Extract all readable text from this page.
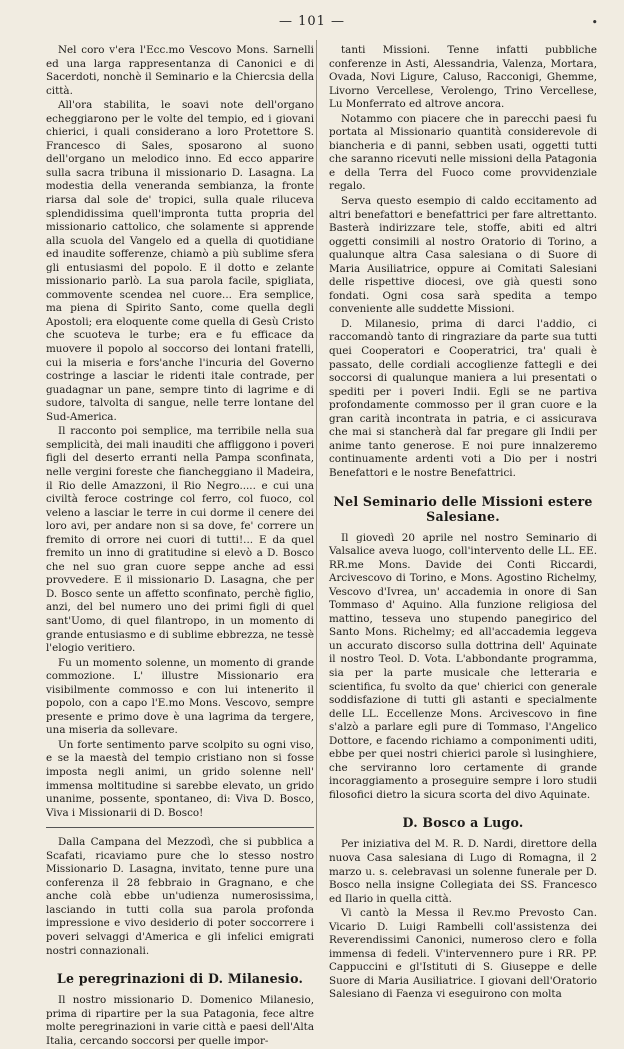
— 101 —	•

Nel coro v'era l'Ecc.mo Vescovo Mons. Sarnelli ed una larga rappresentanza di Canonici e di Sacerdoti, nonchè il Seminario e la Chiercsia della città.

All'ora stabilita, le soavi note dell'organo echeggiarono per le volte del tempio, ed i giovani chierici, i quali considerano a loro Protettore S. Francesco di Sales, sposarono al suono dell'organo un melodico inno. Ed ecco apparire sulla sacra tribuna il missionario D. Lasagna. La modestia della veneranda sembianza, la fronte riarsa dal sole de' tropici, sulla quale riluceva splendidissima quell'impronta tutta propria del missionario cattolico, che solamente si apprende alla scuola del Vangelo ed a quella di quotidiane ed inaudite sofferenze, chiamò a più sublime sfera gli entusiasmi del popolo. E il dotto e zelante missionario parlò. La sua parola facile, spigliata, commovente scendea nel cuore... Era semplice, ma piena di Spirito Santo, come quella degli Apostoli; era eloquente come quella di Gesù Cristo che scuoteva le turbe; era e fu efficace da muovere il popolo al soccorso dei lontani fratelli, cui la miseria e fors'anche l'incuria del Governo costringe a lasciar le ridenti itale contrade, per guadagnar un pane, sempre tinto di lagrime e di sudore, talvolta di sangue, nelle terre lontane del Sud-America.

Il racconto poi semplice, ma terribile nella sua semplicità, dei mali inauditi che affliggono i poveri figli del deserto erranti nella Pampa sconfinata, nelle vergini foreste che fiancheggiano il Madeira, il Rio delle Amazzoni, il Rio Negro..... e cui una civiltà feroce costringe col ferro, col fuoco, col veleno a lasciar le terre in cui dorme il cenere dei loro avi, per andare non si sa dove, fe' correre un fremito di orrore nei cuori di tutti!... E da quel fremito un inno di gratitudine si elevò a D. Bosco che nel suo gran cuore seppe anche ad essi provvedere. E il missionario D. Lasagna, che per D. Bosco sente un affetto sconfinato, perchè figlio, anzi, del bel numero uno dei primi figli di quel sant'Uomo, di quel filantropo, in un momento di grande entusiasmo e di sublime ebbrezza, ne tessè l'elogio veritiero.

Fu un momento solenne, un momento di grande commozione. L' illustre Missionario era visibilmente commosso e con lui intenerito il popolo, con a capo l'E.mo Mons. Vescovo, sempre presente e primo dove è una lagrima da tergere, una miseria da sollevare.

Un forte sentimento parve scolpito su ogni viso, e se la maestà del tempio cristiano non si fosse imposta negli animi, un grido solenne nell' immensa moltitudine si sarebbe elevato, un grido unanime, possente, spontaneo, di: Viva D. Bosco, Viva i Missionarii di D. Bosco!

Dalla Campana del Mezzodì, che si pubblica a Scafati, ricaviamo pure che lo stesso nostro Missionario D. Lasagna, invitato, tenne pure una conferenza il 28 febbraio in Gragnano, e che anche colà ebbe un'udienza numerosissima, lasciando in tutti colla sua parola profonda impressione e vivo desiderio di poter soccorrere i poveri selvaggi d'America e gli infelici emigrati nostri connazionali.

Le peregrinazioni di D. Milanesio.

Il nostro missionario D. Domenico Milanesio, prima di ripartire per la sua Patagonia, fece altre molte peregrinazioni in varie città e paesi dell'Alta Italia, cercando soccorsi per quelle impor-

tanti Missioni. Tenne infatti pubbliche conferenze in Asti, Alessandria, Valenza, Mortara, Ovada, Novi Ligure, Caluso, Racconigi, Ghemme, Livorno Vercellese, Verolengo, Trino Vercellese, Lu Monferrato ed altrove ancora.

Notammo con piacere che in parecchi paesi fu portata al Missionario quantità considerevole di biancheria e di panni, sebben usati, oggetti tutti che saranno ricevuti nelle missioni della Patagonia e della Terra del Fuoco come provvidenziale regalo.

Serva questo esempio di caldo eccitamento ad altri benefattori e benefattrici per fare altrettanto. Basterà indirizzare tele, stoffe, abiti ed altri oggetti consimili al nostro Oratorio di Torino, a qualunque altra Casa salesiana o di Suore di Maria Ausiliatrice, oppure ai Comitati Salesiani delle rispettive diocesi, ove già questi sono fondati. Ogni cosa sarà spedita a tempo conveniente alle suddette Missioni.

D. Milanesio, prima di darci l'addio, ci raccomandò tanto di ringraziare da parte sua tutti quei Cooperatori e Cooperatrici, tra' quali è passato, delle cordiali accoglienze fattegli e dei soccorsi di qualunque maniera a lui presentati o spediti per i poveri Indii. Egli se ne partiva profondamente commosso per il gran cuore e la gran carità incontrata in patria, e ci assicurava che mai si stancherà dal far pregare gli Indii per anime tanto generose. E noi pure innalzeremo continuamente ardenti voti a Dio per i nostri Benefattori e le nostre Benefattrici.

Nel Seminario delle Missioni estere Salesiane.

Il giovedì 20 aprile nel nostro Seminario di Valsalice aveva luogo, coll'intervento delle LL. EE. RR.me Mons. Davide dei Conti Riccardi, Arcivescovo di Torino, e Mons. Agostino Richelmy, Vescovo d'Ivrea, un' accademia in onore di San Tommaso d' Aquino. Alla funzione religiosa del mattino, tesseva uno stupendo panegirico del Santo Mons. Richelmy; ed all'accademia leggeva un accurato discorso sulla dottrina dell' Aquinate il nostro Teol. D. Vota. L'abbondante programma, sia per la parte musicale che letteraria e scientifica, fu svolto da que' chierici con generale soddisfazione di tutti gli astanti e specialmente delle LL. Eccellenze Mons. Arcivescovo in fine s'alzò a parlare egli pure di Tommaso, l'Angelico Dottore, e facendo richiamo a componimenti uditi, ebbe per quei nostri chierici parole sì lusinghiere, che serviranno loro certamente di grande incoraggiamento a proseguire sempre i loro studii filosofici dietro la sicura scorta del divo Aquinate.

D. Bosco a Lugo.

Per iniziativa del M. R. D. Nardi, direttore della nuova Casa salesiana di Lugo di Romagna, il 2 marzo u. s. celebravasi un solenne funerale per D. Bosco nella insigne Collegiata dei SS. Francesco ed Ilario in quella città.

Vi cantò la Messa il Rev.mo Prevosto Can. Vicario D. Luigi Rambelli coll'assistenza dei Reverendissimi Canonici, numeroso clero e folla immensa di fedeli. V'intervennero pure i RR. PP. Cappuccini e gl'Istituti di S. Giuseppe e delle Suore di Maria Ausiliatrice. I giovani dell'Oratorio Salesiano di Faenza vi eseguirono con molta
